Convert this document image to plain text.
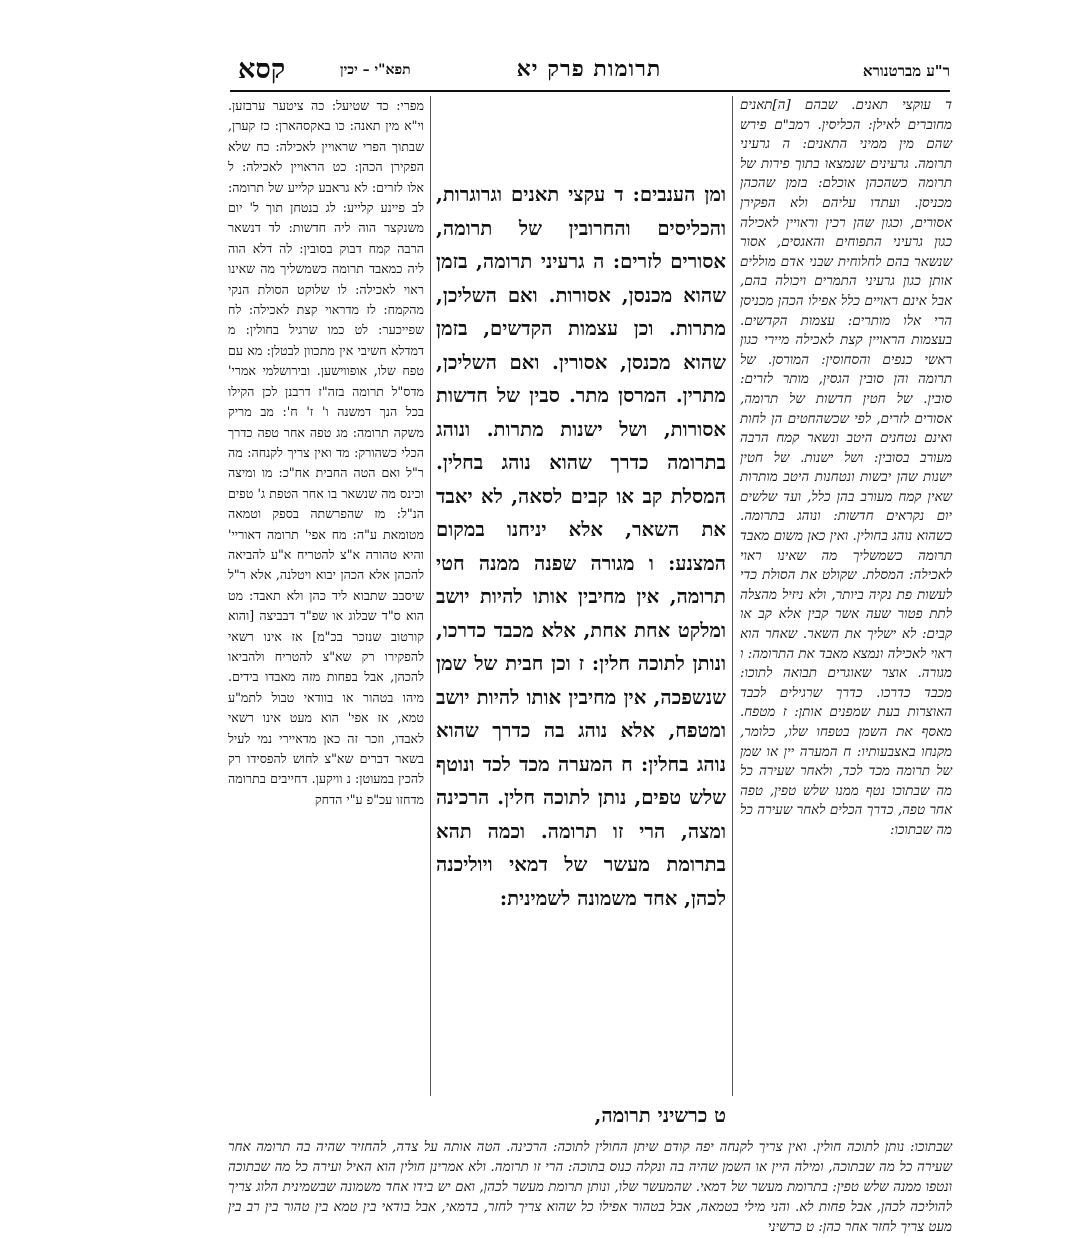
ר"ע מברטנורא
תרומות פרק יא
תפא"י – יכין
קסא

ד עוקצי תאנים. שבהם [ה]תאנים מחוברים לאילן: הכליסין. רמב"ם פירש שהם מין ממיני התאנים: ה גרעיני תרומה. גרעינים שנמצאו בתוך פירות של תרומה כשהכהן אוכלם: בזמן שהכהן מכניסן. ועתדו עליהם ולא הפקירן אסורים, וכגון שהן רכין וראויין לאכילה כגון גרעיני התפוחים והאגסים, אסור שנשאר בהם לחלוחית שבני אדם מוללים אותן כגון גרעיני התמרים ויכולה בהם, אבל אינם ראויים כלל אפילו הכהן מכניסן הרי אלו מותרים: עצמות הקדשים. בעצמות הראויין קצת לאכילה מיירי כגון ראשי כנפים והסחוסין: המורסן. של תרומה והן סובין הגסין, מותר לזרים: סובין. של חטין חדשות של תרומה, אסורים לזרים, לפי שכשהחטים הן לחות ואינם נטחנים היטב ונשאר קמח הרבה מעורב בסובין: ושל ישנות. של חטין ישנות שהן יבשות ונטחנות היטב מותרות שאין קמח מעורב בהן כלל, ועד שלשים יום נקראים חדשות: ונוהג בתרומה. כשהוא נוהג בחולין. ואין כאן משום מאבד תרומה כשמשליך מה שאינו ראוי לאכילה: המסלת. שקולט את הסולת כדי לעשות פת נקיה ביותר, ולא ניזיל מהצלה לתת פטור שעה אשר קבין אלא קב או קבים: לא ישליך את השאר. שאחר הוא ראוי לאכילה ונמצא מאבד את התרומה: ו מגורה. אוצר שאוגרים תבואה לתוכו: מכבד כדרכו. כדרך שרגילים לכבד האוצרות בעת שמפנים אותן: ז מטפח. מאסף את השמן בטפחו שלו, כלומר, מקנחו באצבעותיו: ח המערה יין או שמן של תרומה מכד לכד, ולאחר שעירה כל מה שבתוכו נטף ממנו שלש טפין, טפה אחר טפה, כדרך הכלים לאחר שעירה כל מה שבתוכו:

ומן הענבים: ד עקצי תאנים וגרוגרות, והכליסים והחרובין של תרומה, אסורים לזרים: ה גרעיני תרומה, בזמן שהוא מכנסן, אסורות. ואם השליכן, מתרות. וכן עצמות הקדשים, בזמן שהוא מכנסן, אסורין. ואם השליכן, מתרין. המרסן מתר. סבין של חדשות אסורות, ושל ישנות מתרות. ונוהג בתרומה כדרך שהוא נוהג בחלין. המסלת קב או קבים לסאה, לא יאבד את השאר, אלא יניחנו במקום המצנע: ו מגורה שפנה ממנה חטי תרומה, אין מחיבין אותו להיות יושב ומלקט אחת אחת, אלא מכבד כדרכו, ונותן לתוכה חלין: ז וכן חבית של שמן שנשפכה, אין מחיבין אותו להיות יושב ומטפח, אלא נוהג בה כדרך שהוא נוהג בחלין: ח המערה מכד לכד ונוטף שלש טפים, נותן לתוכה חלין. הרכינה ומצה, הרי זו תרומה. וכמה תהא בתרומת מעשר של דמאי ויוליכנה לכהן, אחד משמונה לשמינית:

מפרי: כד שטיעל: כה ציטער ערבזען. וי"א מין תאנה: כו באקסהארן: כז קערן, שבתוך הפרי שראויין לאכילה: כח שלא הפקירן הכהן: כט הראויין לאכילה: ל אלו לזרים: לא גראבע קלייע של תרומה: לב פיינע קלייע: לג בנטחן תוך ל' יום משנקצר הוה ליה חדשות: לד דנשאר הרבה קמח דבוק בסובין: לה דלא הוה ליה כמאבד תרומה כשמשליך מה שאינו ראוי לאכילה: לו שלוקט הסולת הנקי מהקמח: לז מדראוי קצת לאכילה: לח שפייכער: לט כמו שרגיל בחולין: מ דמדלא חשיבי אין מתכוון לבטלן: מא עם טפח שלו, אופווישען. ובירושלמי אמרי' מדס"ל תרומה בזה"ז דרבנן לכן הקילו בכל הנך דמשנה ו' ז' ח': מב מריק משקה תרומה: מג טפה אחר טפה כדרך הכלי כשהורק: מד ואין צריך לקנחה: מה ר"ל ואם הטה החבית אח"כ: מו ומיצה וכינס מה שנשאר בו אחר הטפת ג' טפים הנ"ל: מז שהפרשתה בספק וטמאה מטומאת ע"ה: מח אפי' תרומה דאוריי' והיא טהורה א"צ להטריח א"ע להביאה להכהן אלא הכהן יבוא ויטלנה, אלא ר"ל שיסבב שתבוא ליד כהן ולא תאבד: מט הוא ס"ד שבלוג או שפ"ד דבביצה [והוא קורטוב שנזכר בכ"מ] אז אינו רשאי להפקירו רק שא"צ להטריח ולהביאו להכהן, אבל בפחות מזה מאבדו בידים. מיהו בטהור או בוודאי טבול לתמ"ע טמא, אז אפי' הוא מעט אינו רשאי לאבדו, וזכר זה כאן מדאיירי נמי לעיל בשאר דברים שא"צ לחוש להפסידו רק להכין במעוטן: נ וויקען. דחייבים בתרומה מדחזו עכ"פ ע"י הדחק

ט כרשיני תרומה,

שבתוכו: נותן לתוכה חולין. ואין צריך לקנחה יפה קודם שיתן החולין לתוכה: הרכינה. הטה אותה על צדה, להחזיר שהיה בה תרומה אחר שעירה כל מה שבתוכה, ומילה היין או השמן שהיה בה ונקלה כנוס בתוכה: הרי זו תרומה. ולא אמרינן חולין הוא האיל ועירה כל מה שבתוכה ונטפו ממנה שלש טפין: בתרומת מעשר של דמאי. שהמעשר שלו, ונותן תרומת מעשר לכהן, ואם יש בידו אחד משמונה שבשמינית הלוג צריך להוליכה לכהן, אבל פחות לא. והני מילי בטמאה, אבל בטהור אפילו כל שהוא צריך לחזר, בדמאי, אבל בודאי בין טמא בין טהור בין רב בין מעט צריך לחזר אחר כהן: ט כרשיני
